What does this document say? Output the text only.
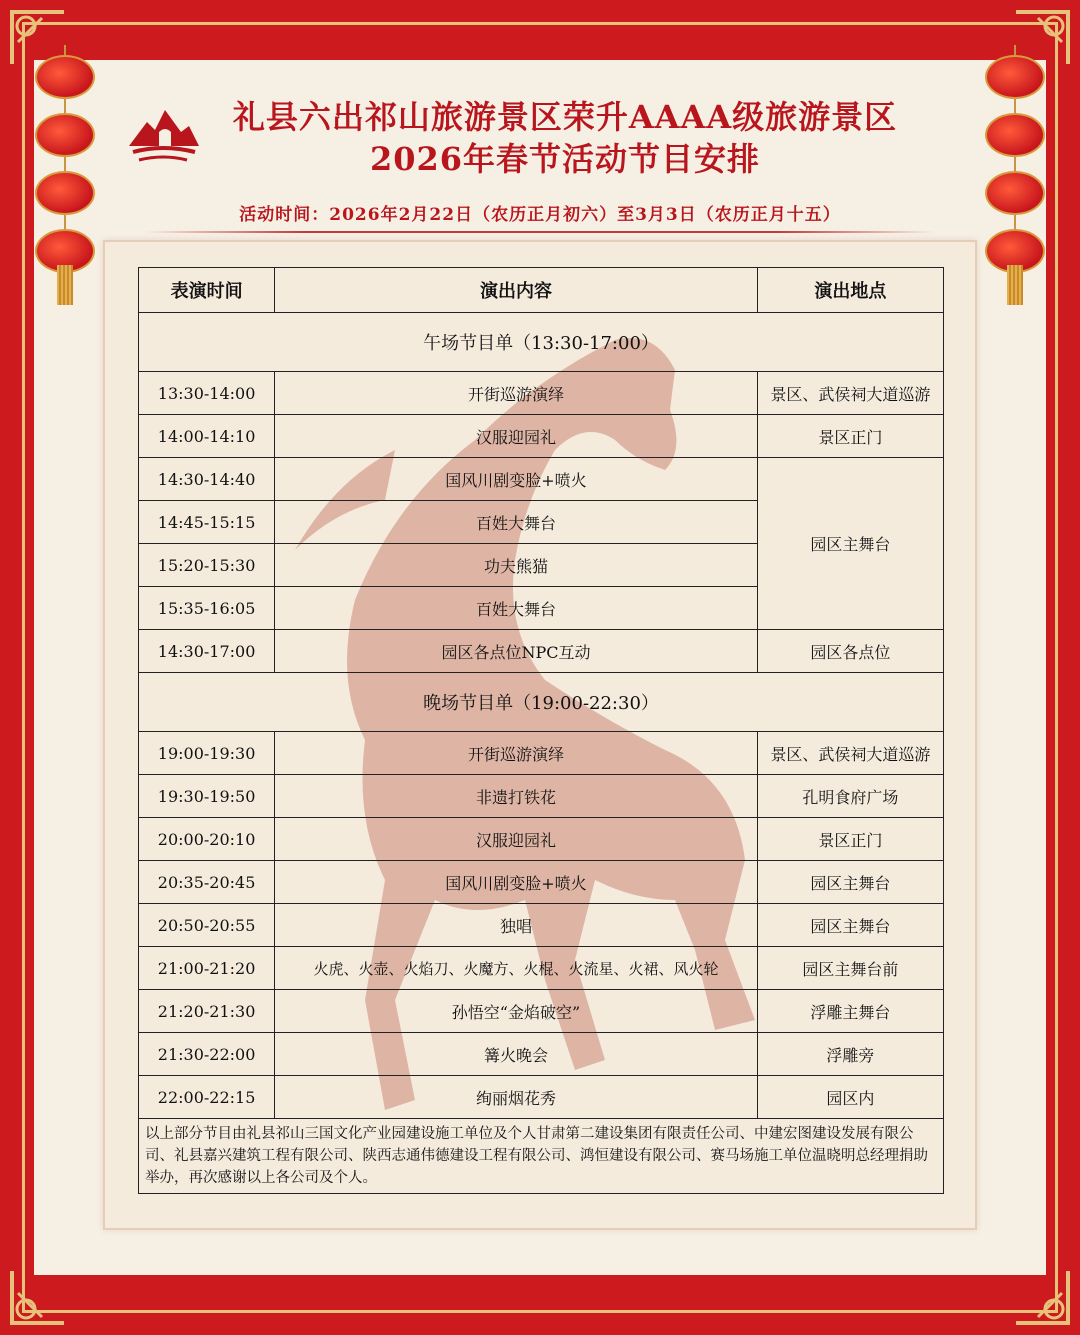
礼县六出祁山旅游景区荣升AAAA级旅游景区
2026年春节活动节目安排
活动时间：2026年2月22日（农历正月初六）至3月3日（农历正月十五）
表演时间	演出内容	演出地点
午场节目单（13:30-17:00）		
13:30-14:00	开街巡游演绎	景区、武侯祠大道巡游
14:00-14:10	汉服迎园礼	景区正门
14:30-14:40	国风川剧变脸+喷火	园区主舞台
14:45-15:15	百姓大舞台	
15:20-15:30	功夫熊猫	
15:35-16:05	百姓大舞台	
14:30-17:00	园区各点位NPC互动	园区各点位
晚场节目单（19:00-22:30）		
19:00-19:30	开街巡游演绎	景区、武侯祠大道巡游
19:30-19:50	非遗打铁花	孔明食府广场
20:00-20:10	汉服迎园礼	景区正门
20:35-20:45	国风川剧变脸+喷火	园区主舞台
20:50-20:55	独唱	园区主舞台
21:00-21:20	火虎、火壶、火焰刀、火魔方、火棍、火流星、火裙、风火轮	园区主舞台前
21:20-21:30	孙悟空“金焰破空”	浮雕主舞台
21:30-22:00	篝火晚会	浮雕旁
22:00-22:15	绚丽烟花秀	园区内
以上部分节目由礼县祁山三国文化产业园建设施工单位及个人甘肃第二建设集团有限责任公司、中建宏图建设发展有限公司、礼县嘉兴建筑工程有限公司、陕西志通伟德建设工程有限公司、鸿恒建设有限公司、赛马场施工单位温晓明总经理捐助举办，再次感谢以上各公司及个人。		
